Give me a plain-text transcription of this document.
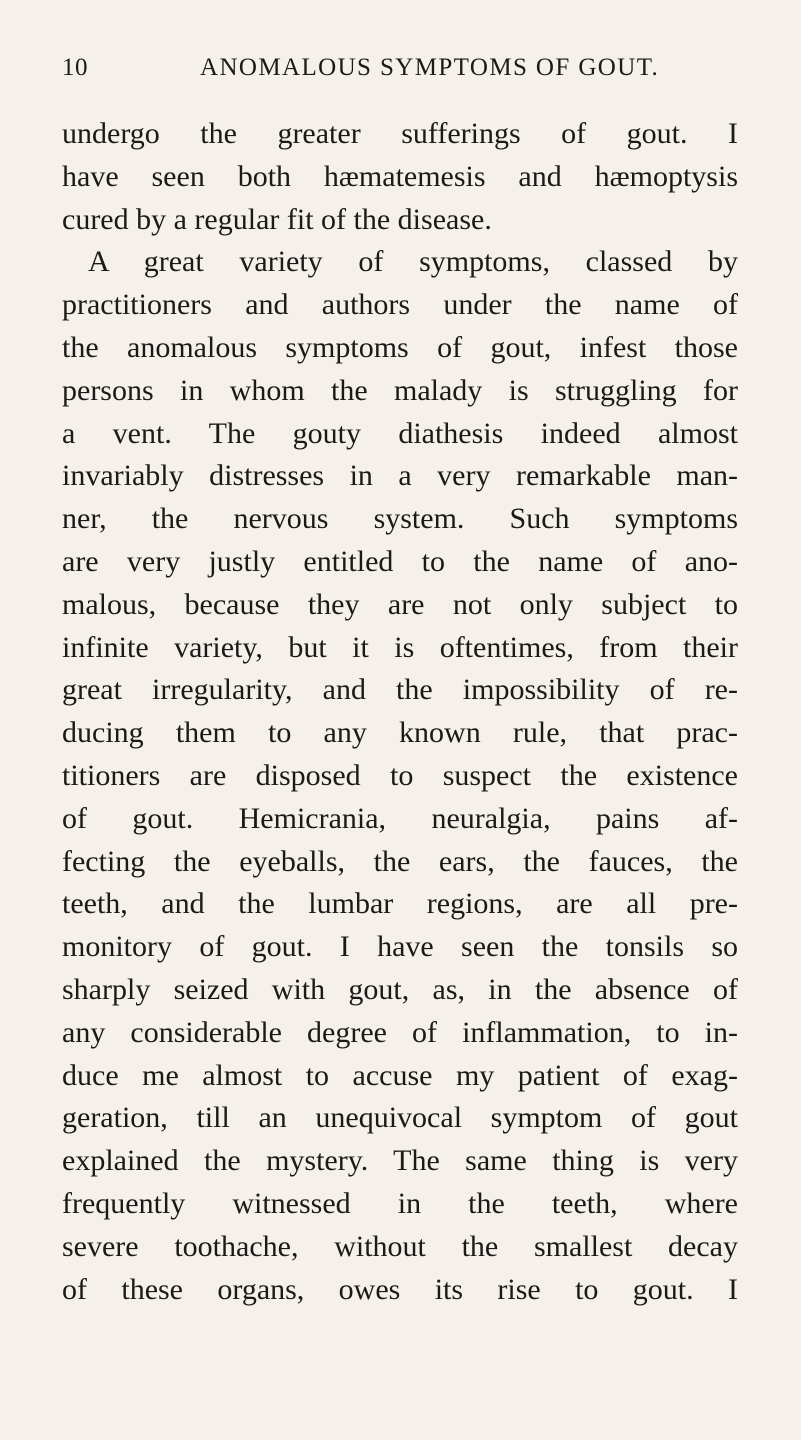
10	ANOMALOUS SYMPTOMS OF GOUT.
undergo the greater sufferings of gout. I
have seen both hæmatemesis and hæmoptysis
cured by a regular fit of the disease.
A great variety of symptoms, classed by
practitioners and authors under the name of
the anomalous symptoms of gout, infest those
persons in whom the malady is struggling for
a vent. The gouty diathesis indeed almost
invariably distresses in a very remarkable man-
ner, the nervous system. Such symptoms
are very justly entitled to the name of ano-
malous, because they are not only subject to
infinite variety, but it is oftentimes, from their
great irregularity, and the impossibility of re-
ducing them to any known rule, that prac-
titioners are disposed to suspect the existence
of gout. Hemicrania, neuralgia, pains af-
fecting the eyeballs, the ears, the fauces, the
teeth, and the lumbar regions, are all pre-
monitory of gout. I have seen the tonsils so
sharply seized with gout, as, in the absence of
any considerable degree of inflammation, to in-
duce me almost to accuse my patient of exag-
geration, till an unequivocal symptom of gout
explained the mystery. The same thing is very
frequently witnessed in the teeth, where
severe toothache, without the smallest decay
of these organs, owes its rise to gout. I
